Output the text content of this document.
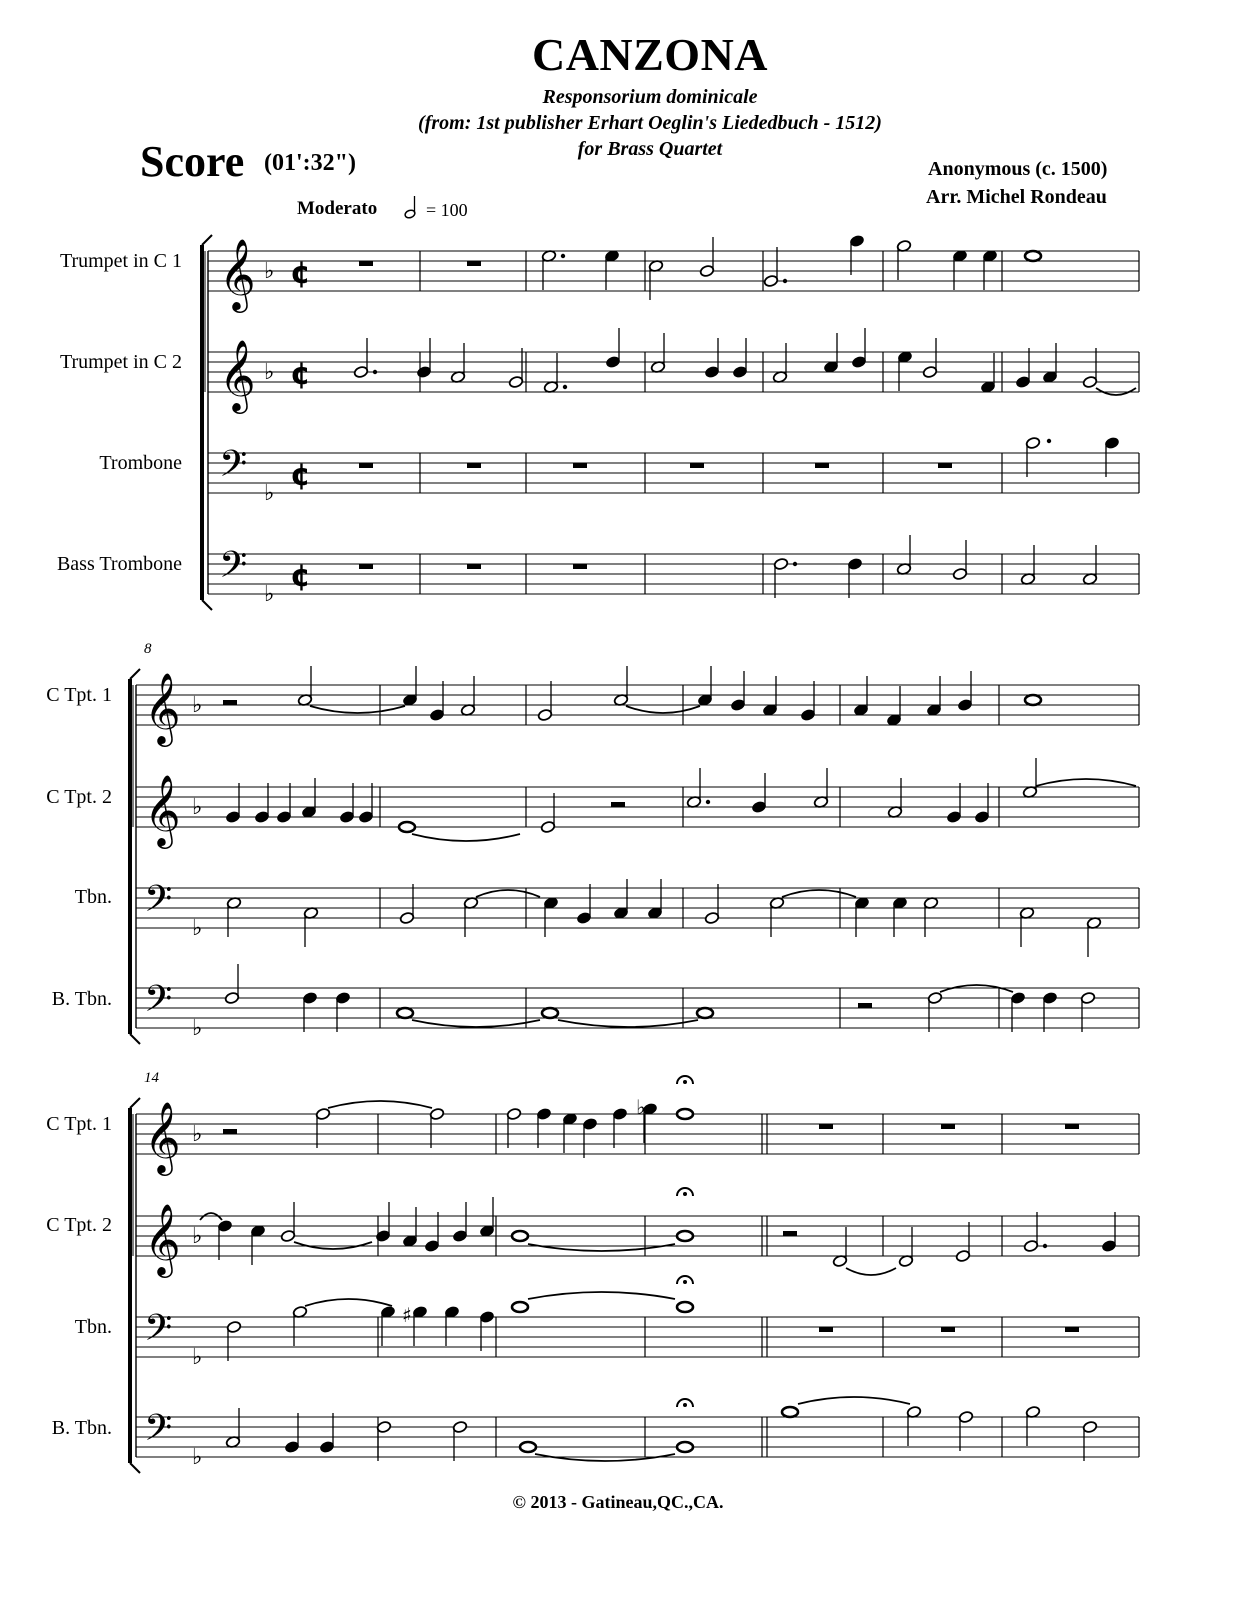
CANZONA
Responsorium dominicale
(from: 1st publisher Erhart Oeglin's Liededbuch - 1512)
for Brass Quartet
Score (01':32")	Anonymous (c. 1500)
Arr. Michel Rondeau
Moderato	= 100
Trumpet in C 1
Trumpet in C 2
Trombone
Bass Trombone
C Tpt. 1
C Tpt. 2
Tbn.
B. Tbn.
C Tpt. 1
C Tpt. 2
Tbn.
B. Tbn.
8
14
© 2013 - Gatineau,QC.,CA.
𝄞 ♭ ¢
𝄞 ♭ ¢
𝄢 ♭
¢
𝄢 ♭
¢
𝄞 ♭
𝄞 ♭
𝄢 ♭
𝄢 ♭
𝄞 ♭
𝄞 ♭
𝄢 ♭
𝄢 ♭
♭
♯
